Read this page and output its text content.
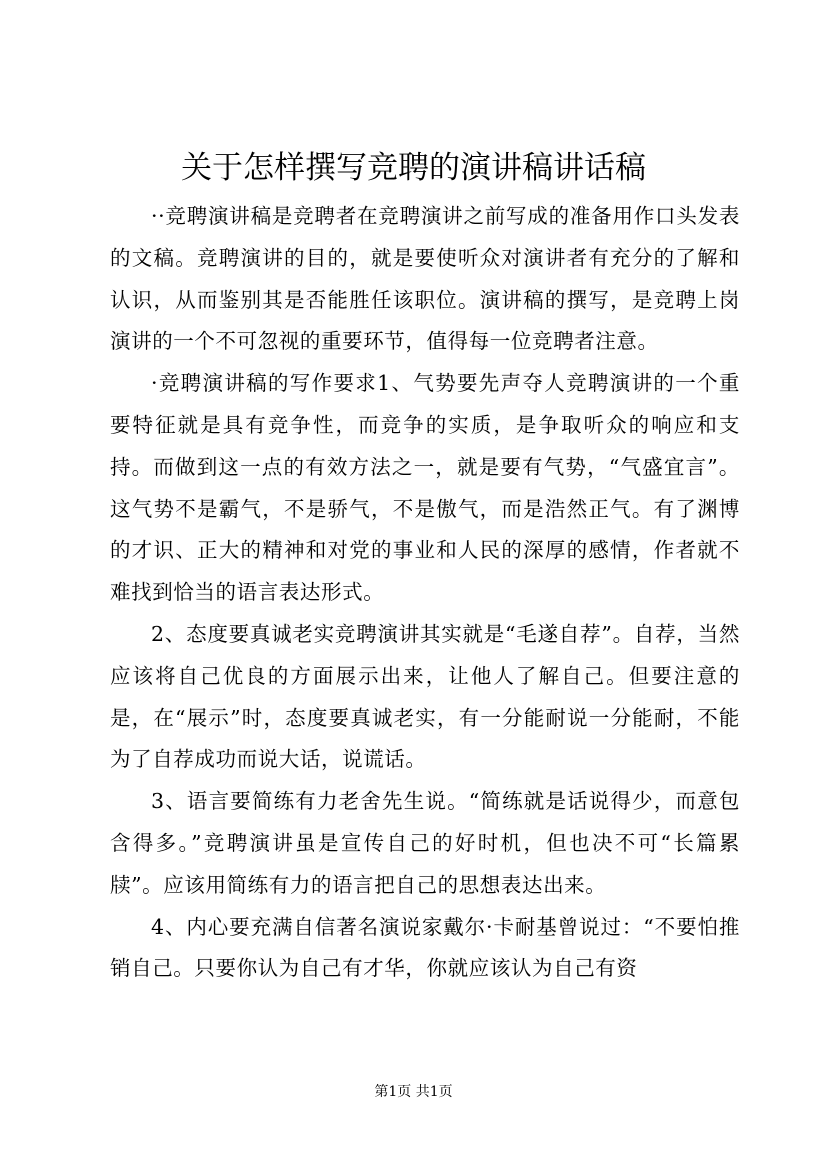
关于怎样撰写竞聘的演讲稿讲话稿

··竞聘演讲稿是竞聘者在竞聘演讲之前写成的准备用作口头发表的文稿。竞聘演讲的目的，就是要使听众对演讲者有充分的了解和认识，从而鉴别其是否能胜任该职位。演讲稿的撰写，是竞聘上岗演讲的一个不可忽视的重要环节，值得每一位竞聘者注意。

·竞聘演讲稿的写作要求1、气势要先声夺人竞聘演讲的一个重要特征就是具有竞争性，而竞争的实质，是争取听众的响应和支持。而做到这一点的有效方法之一，就是要有气势，“气盛宜言”。这气势不是霸气，不是骄气，不是傲气，而是浩然正气。有了渊博的才识、正大的精神和对党的事业和人民的深厚的感情，作者就不难找到恰当的语言表达形式。

2、态度要真诚老实竞聘演讲其实就是“毛遂自荐”。自荐，当然应该将自己优良的方面展示出来，让他人了解自己。但要注意的是，在“展示”时，态度要真诚老实，有一分能耐说一分能耐，不能为了自荐成功而说大话，说谎话。

3、语言要简练有力老舍先生说。“简练就是话说得少，而意包含得多。”竞聘演讲虽是宣传自己的好时机，但也决不可“长篇累牍”。应该用简练有力的语言把自己的思想表达出来。

4、内心要充满自信著名演说家戴尔·卡耐基曾说过：“不要怕推销自己。只要你认为自己有才华，你就应该认为自己有资

第1页 共1页
